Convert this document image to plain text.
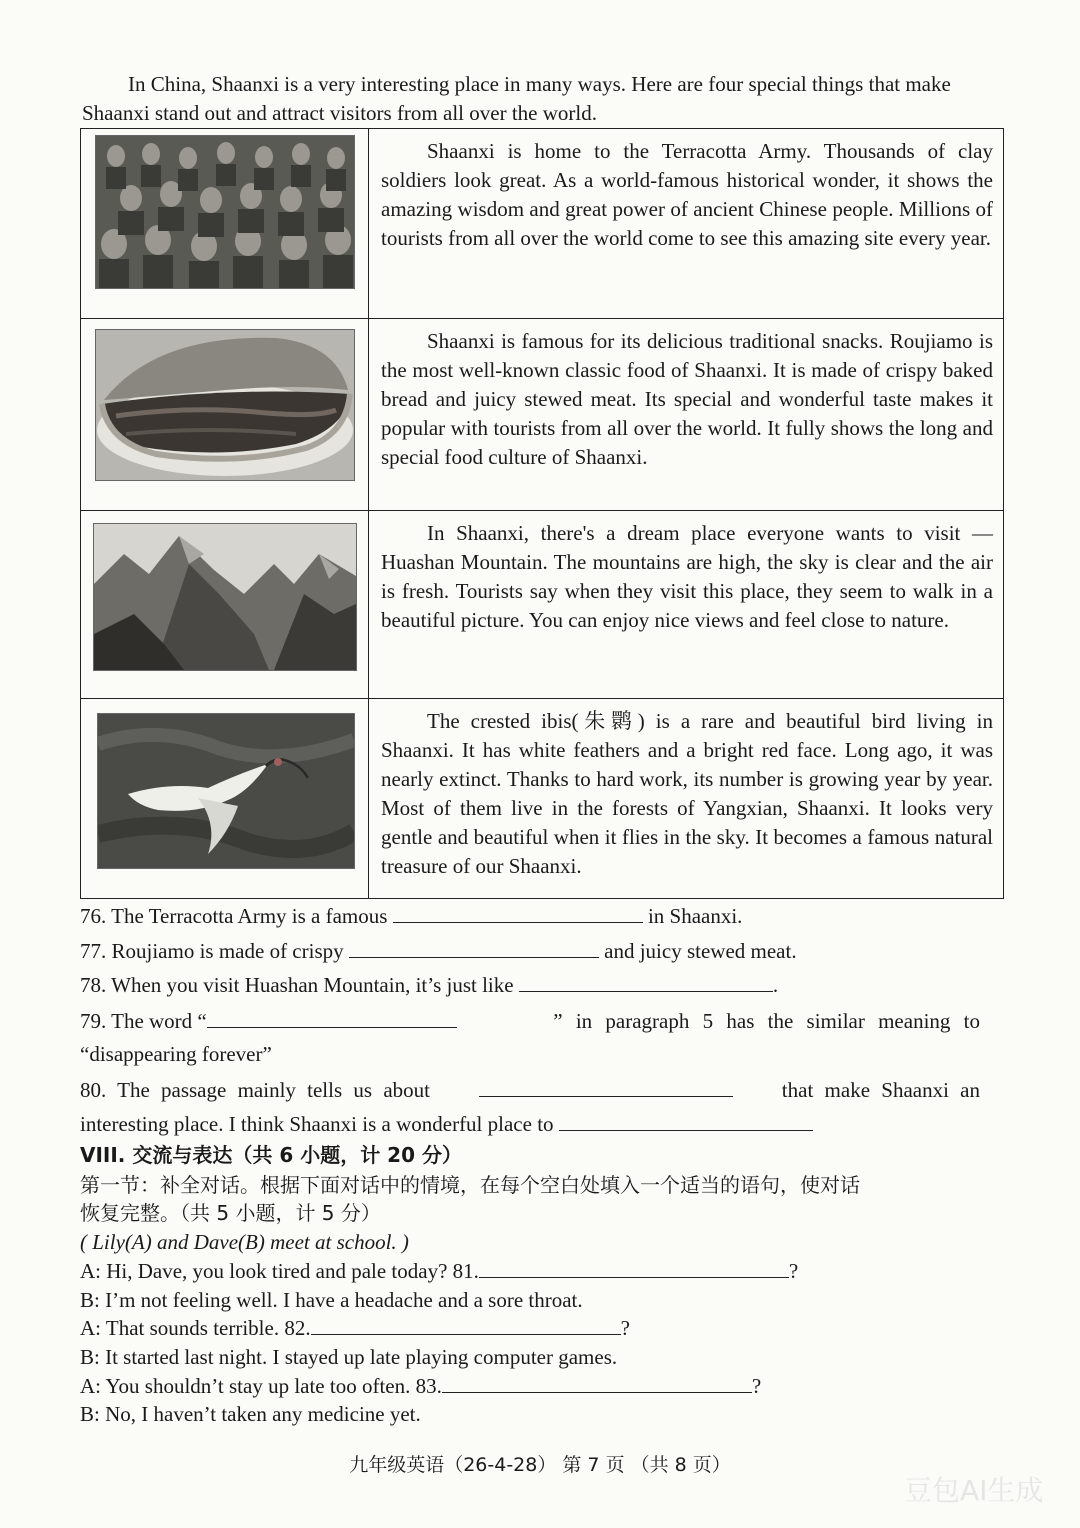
In China, Shaanxi is a very interesting place in many ways. Here are four special things that make Shaanxi stand out and attract visitors from all over the world.
	Shaanxi is home to the Terracotta Army. Thousands of clay soldiers look great. As a world-famous historical wonder, it shows the amazing wisdom and great power of ancient Chinese people. Millions of tourists from all over the world come to see this amazing site every year.

	Shaanxi is famous for its delicious traditional snacks. Roujiamo is the most well-known classic food of Shaanxi. It is made of crispy baked bread and juicy stewed meat. Its special and wonderful taste makes it popular with tourists from all over the world. It fully shows the long and special food culture of Shaanxi.

	In Shaanxi, there's a dream place everyone wants to visit — Huashan Mountain. The mountains are high, the sky is clear and the air is fresh. Tourists say when they visit this place, they seem to walk in a beautiful picture. You can enjoy nice views and feel close to nature.

	The crested ibis(朱鹮) is a rare and beautiful bird living in Shaanxi. It has white feathers and a bright red face. Long ago, it was nearly extinct. Thanks to hard work, its number is growing year by year. Most of them live in the forests of Yangxian, Shaanxi. It looks very gentle and beautiful when it flies in the sky. It becomes a famous natural treasure of our Shaanxi.
76. The Terracotta Army is a famous	in Shaanxi.
77. Roujiamo is made of crispy	and juicy stewed meat.
78. When you visit Huashan Mountain, it’s just like	.
79. The word “	” in paragraph 5 has the similar meaning to
“disappearing forever”
80. The passage mainly tells us about	that make Shaanxi an
interesting place. I think Shaanxi is a wonderful place to
VIII. 交流与表达（共 6 小题，计 20 分）
第一节：补全对话。根据下面对话中的情境，在每个空白处填入一个适当的语句，使对话
恢复完整。（共 5 小题，计 5 分）
( Lily(A) and Dave(B) meet at school. )
A: Hi, Dave, you look tired and pale today? 81.	?
B: I’m not feeling well. I have a headache and a sore throat.
A: That sounds terrible. 82.	?
B: It started last night. I stayed up late playing computer games.
A: You shouldn’t stay up late too often. 83.	?
B: No, I haven’t taken any medicine yet.
九年级英语（26-4-28） 第 7 页 （共 8 页）
豆包AI生成
